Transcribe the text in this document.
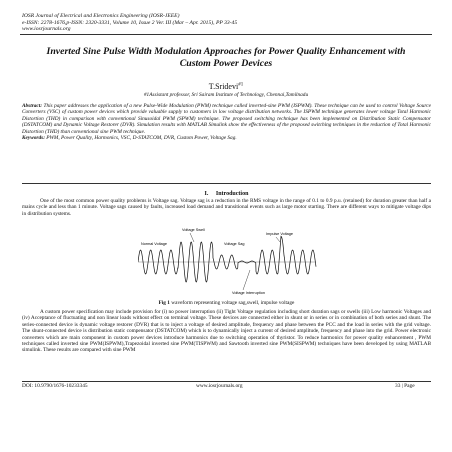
IOSR Journal of Electrical and Electronics Engineering (IOSR-JEEE)
e-ISSN: 2278-1676,p-ISSN: 2320-3331, Volume 10, Issue 2 Ver. III (Mar – Apr. 2015), PP 33-45
www.iosrjournals.org
Inverted Sine Pulse Width Modulation Approaches for Power Quality Enhancement with Custom Power Devices
T.Sridevi$^{\#1}$
#1Assistant professor, Sri Sairam Institute of Technology, Chennai,Tamilnadu
Abstract: This paper addresses the application of a new Pulse-Wide Modulation (PWM) technique called inverted-sine PWM (ISPWM). These technique can be used to control Voltage Source Converters (VSC) of custom power devices which provide valuable supply to customers in low voltage distribution networks. The ISPWM technique generates lower voltage Total Harmonic Distortion (THD) in comparison with conventional Sinusoidal PWM (SPWM) technique. The proposed switching technique has been implemented on Distribution Static Compensator (DSTATCOM) and Dynamic Voltage Restorer (DVR). Simulation results with MATLAB Simulink show the effectiveness of the proposed switching techniques in the reduction of Total Harmonic Distortion (THD) than conventional sine PWM technique.
Keywords: PWM, Power Quality, Harmonics, VSC, D-STATCOM, DVR, Custom Power, Voltage Sag.
I. Introduction
One of the most common power quality problems is Voltage sag. Voltage sag is a reduction in the RMS voltage in the range of 0.1 to 0.9 p.u. (retained) for duration greater than half a mains cycle and less than 1 minute. Voltage sags caused by faults, increased load demand and transitional events such as large motor starting. There are different ways to mitigate voltage dips in distribution systems.
Normal Voltage
Voltage Swell
Voltage Sag
Impulse Voltage
Voltage Interruption
Fig 1 waveform representing voltage sag,swell, impulse voltage
A custom power specification may include provision for (i) no power interruption (ii) Tight Voltage regulation including short duration sags or swells (iii) Low harmonic Voltages and (iv) Acceptance of fluctuating and non linear loads without effect on terminal voltage. These devices are connected either in shunt or in series or in combination of both series and shunt. The series-connected device is dynamic voltage restorer (DVR) that is to inject a voltage of desired amplitude, frequency and phase between the PCC and the load in series with the grid voltage. The shunt-connected device is distribution static compensator (DSTATCOM) which is to dynamically inject a current of desired amplitude, frequency and phase into the grid. Power electronic converters which are main component in custom power devices introduce harmonics due to switching operation of thyristor. To reduce harmonics for power quality enhancement , PWM techniques called inverted sine PWM(ISPWM),Trapezoidal inverted sine PWM(TISPWM) and Sawtooth inverted sine PWM(SISPWM) techniques have been developed by using MATLAB simulink. These results are compared with sine PWM
DOI: 10.9790/1676-10233345	www.iosrjournals.org	33 | Page
